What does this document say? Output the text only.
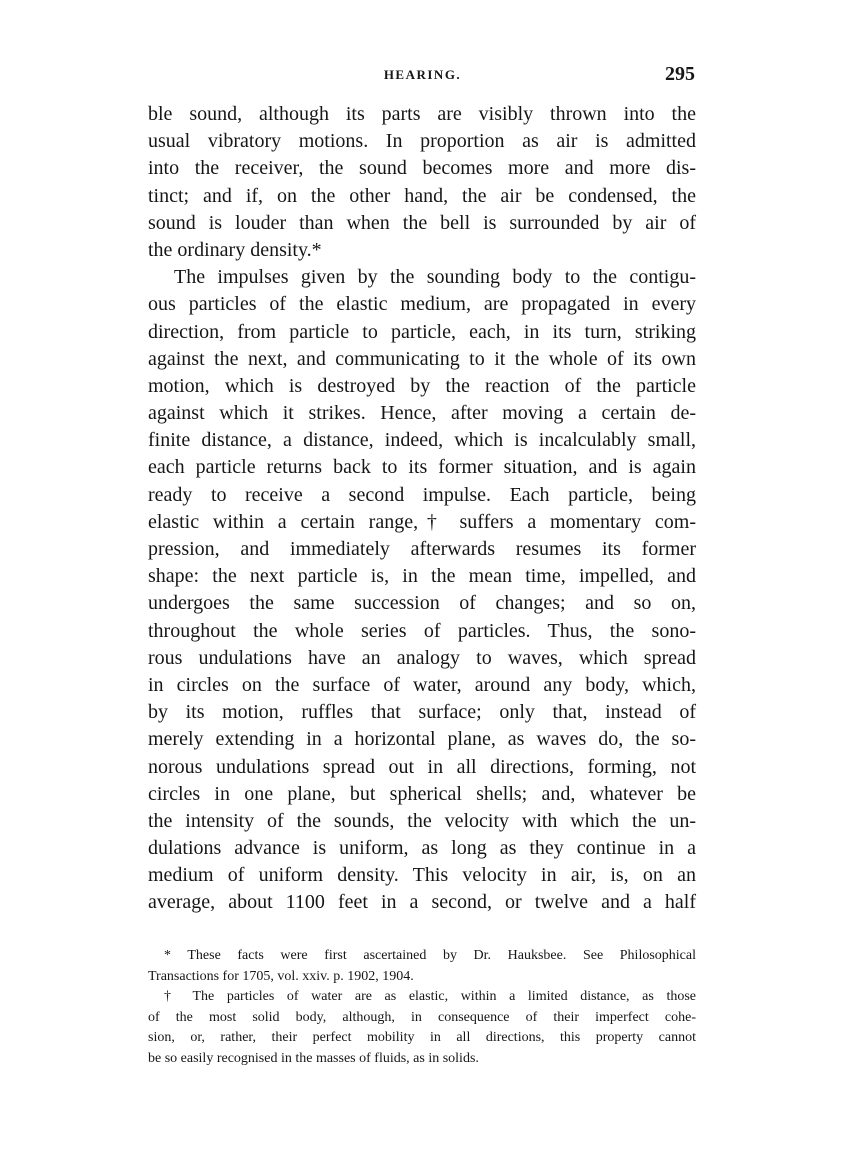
HEARING.	295
ble sound, although its parts are visibly thrown into the
usual vibratory motions. In proportion as air is admitted
into the receiver, the sound becomes more and more dis-
tinct; and if, on the other hand, the air be condensed, the
sound is louder than when the bell is surrounded by air of
the ordinary density.*
The impulses given by the sounding body to the contigu-
ous particles of the elastic medium, are propagated in every
direction, from particle to particle, each, in its turn, striking
against the next, and communicating to it the whole of its own
motion, which is destroyed by the reaction of the particle
against which it strikes. Hence, after moving a certain de-
finite distance, a distance, indeed, which is incalculably small,
each particle returns back to its former situation, and is again
ready to receive a second impulse. Each particle, being
elastic within a certain range,† suffers a momentary com-
pression, and immediately afterwards resumes its former
shape: the next particle is, in the mean time, impelled, and
undergoes the same succession of changes; and so on,
throughout the whole series of particles. Thus, the sono-
rous undulations have an analogy to waves, which spread
in circles on the surface of water, around any body, which,
by its motion, ruffles that surface; only that, instead of
merely extending in a horizontal plane, as waves do, the so-
norous undulations spread out in all directions, forming, not
circles in one plane, but spherical shells; and, whatever be
the intensity of the sounds, the velocity with which the un-
dulations advance is uniform, as long as they continue in a
medium of uniform density. This velocity in air, is, on an
average, about 1100 feet in a second, or twelve and a half
* These facts were first ascertained by Dr. Hauksbee. See Philosophical
Transactions for 1705, vol. xxiv. p. 1902, 1904.
† The particles of water are as elastic, within a limited distance, as those
of the most solid body, although, in consequence of their imperfect cohe-
sion, or, rather, their perfect mobility in all directions, this property cannot
be so easily recognised in the masses of fluids, as in solids.
